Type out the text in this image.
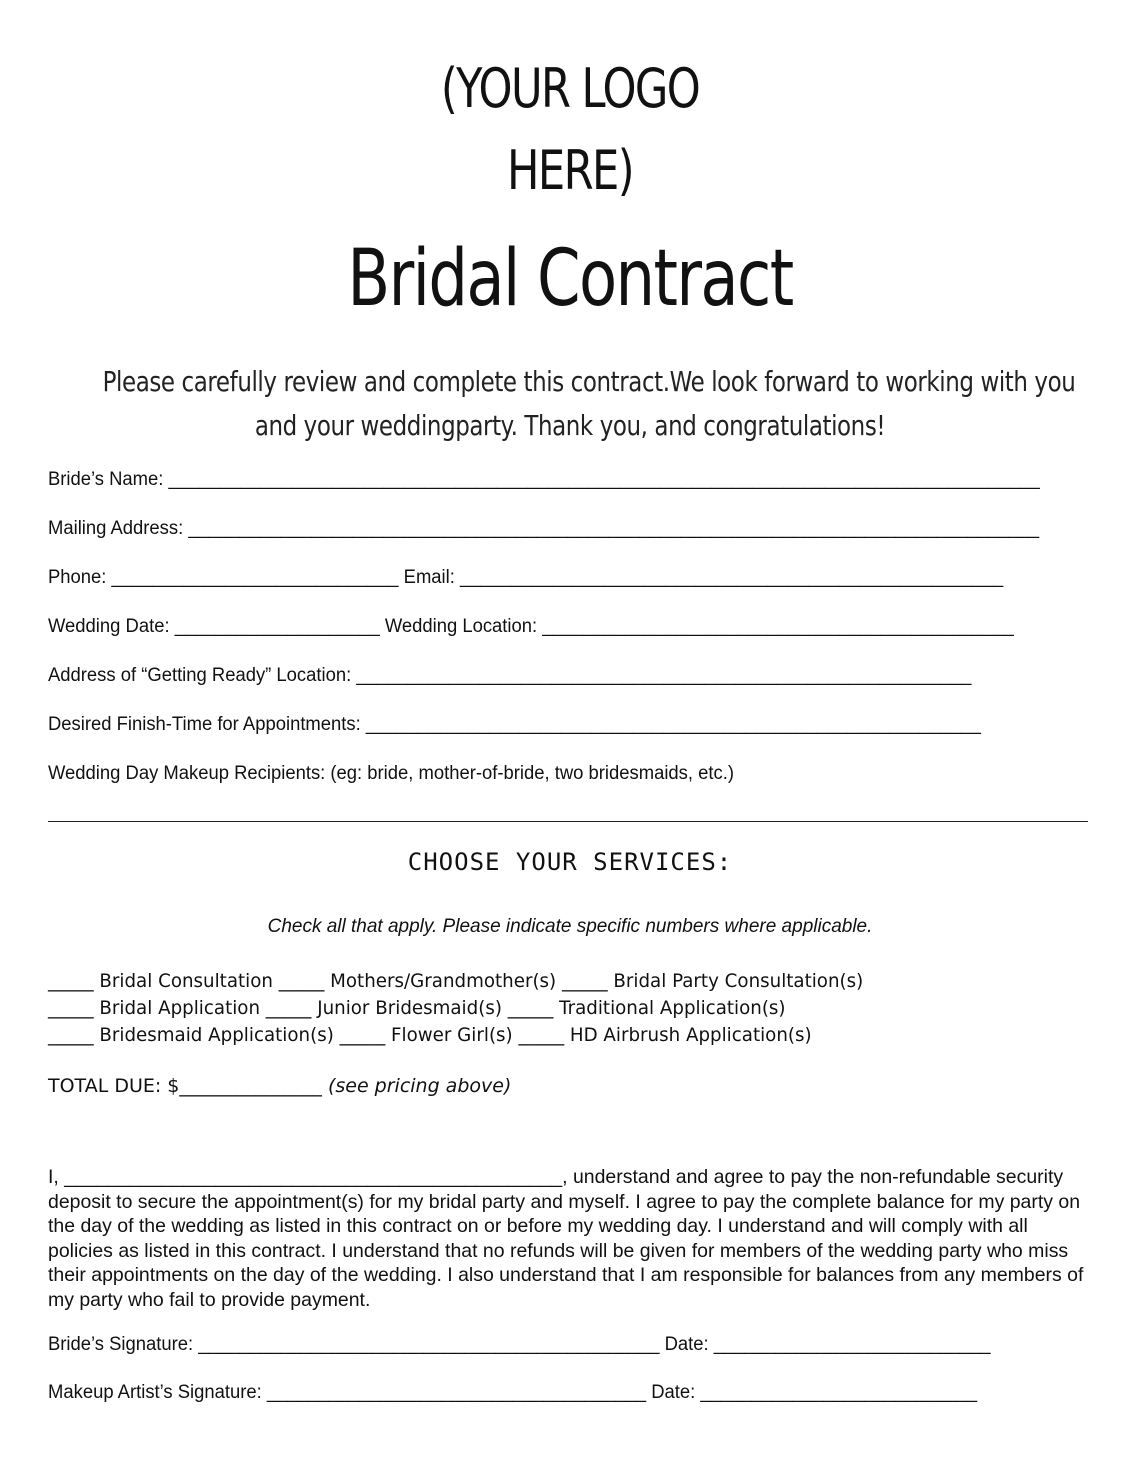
(YOUR LOGO
HERE)
Bridal Contract
Please carefully review and complete this contract.We look forward to working with you
and your weddingparty. Thank you, and congratulations!
Bride’s Name: _____________________________________________________________________________________
Mailing Address: ___________________________________________________________________________________
Phone: ____________________________ Email: _____________________________________________________
Wedding Date: ____________________ Wedding Location: ______________________________________________
Address of “Getting Ready” Location: ____________________________________________________________
Desired Finish-Time for Appointments: ____________________________________________________________
Wedding Day Makeup Recipients: (eg: bride, mother-of-bride, two bridesmaids, etc.)
CHOOSE YOUR SERVICES:
Check all that apply. Please indicate specific numbers where applicable.
_____ Bridal Consultation _____ Mothers/Grandmother(s) _____ Bridal Party Consultation(s)
_____ Bridal Application _____ Junior Bridesmaid(s) _____ Traditional Application(s)
_____ Bridesmaid Application(s) _____ Flower Girl(s) _____ HD Airbrush Application(s)
TOTAL DUE: $_______________ (see pricing above)
I, ______________________________________________, understand and agree to pay the non-refundable security
deposit to secure the appointment(s) for my bridal party and myself. I agree to pay the complete balance for my party on
the day of the wedding as listed in this contract on or before my wedding day. I understand and will comply with all
policies as listed in this contract. I understand that no refunds will be given for members of the wedding party who miss
their appointments on the day of the wedding. I also understand that I am responsible for balances from any members of
my party who fail to provide payment.
Bride’s Signature: _____________________________________________ Date: ___________________________
Makeup Artist’s Signature: _____________________________________ Date: ___________________________
